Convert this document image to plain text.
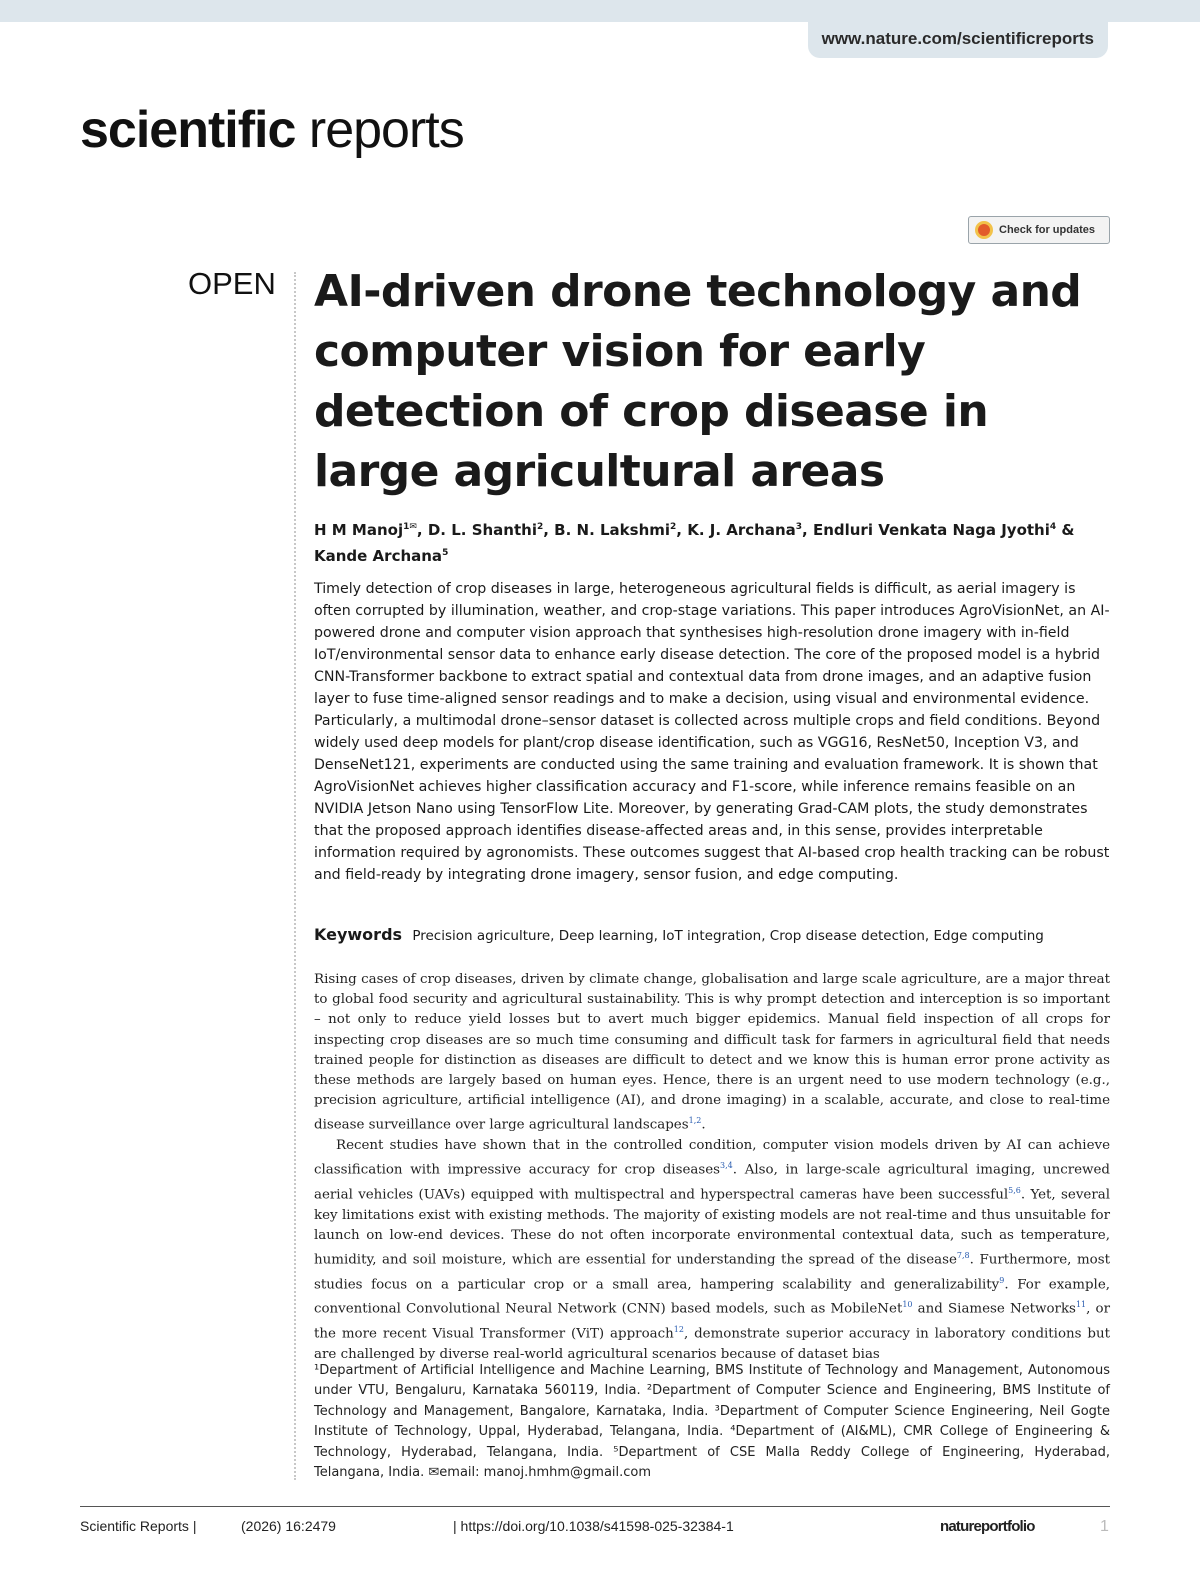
www.nature.com/scientificreports
scientific reports
Check for updates
OPEN AI-driven drone technology and computer vision for early detection of crop disease in large agricultural areas
H M Manoj$^{1✉}$, D. L. Shanthi$^2$, B. N. Lakshmi$^2$, K. J. Archana$^3$, Endluri Venkata Naga Jyothi$^4$ & Kande Archana$^5$
Timely detection of crop diseases in large, heterogeneous agricultural fields is difficult, as aerial imagery is often corrupted by illumination, weather, and crop-stage variations. This paper introduces AgroVisionNet, an AI-powered drone and computer vision approach that synthesises high-resolution drone imagery with in-field IoT/environmental sensor data to enhance early disease detection. The core of the proposed model is a hybrid CNN-Transformer backbone to extract spatial and contextual data from drone images, and an adaptive fusion layer to fuse time-aligned sensor readings and to make a decision, using visual and environmental evidence. Particularly, a multimodal drone–sensor dataset is collected across multiple crops and field conditions. Beyond widely used deep models for plant/crop disease identification, such as VGG16, ResNet50, Inception V3, and DenseNet121, experiments are conducted using the same training and evaluation framework. It is shown that AgroVisionNet achieves higher classification accuracy and F1-score, while inference remains feasible on an NVIDIA Jetson Nano using TensorFlow Lite. Moreover, by generating Grad-CAM plots, the study demonstrates that the proposed approach identifies disease-affected areas and, in this sense, provides interpretable information required by agronomists. These outcomes suggest that AI-based crop health tracking can be robust and field-ready by integrating drone imagery, sensor fusion, and edge computing.
Keywords Precision agriculture, Deep learning, IoT integration, Crop disease detection, Edge computing

Rising cases of crop diseases, driven by climate change, globalisation and large scale agriculture, are a major threat to global food security and agricultural sustainability. This is why prompt detection and interception is so important – not only to reduce yield losses but to avert much bigger epidemics. Manual field inspection of all crops for inspecting crop diseases are so much time consuming and difficult task for farmers in agricultural field that needs trained people for distinction as diseases are difficult to detect and we know this is human error prone activity as these methods are largely based on human eyes. Hence, there is an urgent need to use modern technology (e.g., precision agriculture, artificial intelligence (AI), and drone imaging) in a scalable, accurate, and close to real-time disease surveillance over large agricultural landscapes$^{1,2}$.

Recent studies have shown that in the controlled condition, computer vision models driven by AI can achieve classification with impressive accuracy for crop diseases$^{3,4}$. Also, in large-scale agricultural imaging, uncrewed aerial vehicles (UAVs) equipped with multispectral and hyperspectral cameras have been successful$^{5,6}$. Yet, several key limitations exist with existing methods. The majority of existing models are not real-time and thus unsuitable for launch on low-end devices. These do not often incorporate environmental contextual data, such as temperature, humidity, and soil moisture, which are essential for understanding the spread of the disease$^{7,8}$. Furthermore, most studies focus on a particular crop or a small area, hampering scalability and generalizability$^9$. For example, conventional Convolutional Neural Network (CNN) based models, such as MobileNet$^{10}$ and Siamese Networks$^{11}$, or the more recent Visual Transformer (ViT) approach$^{12}$, demonstrate superior accuracy in laboratory conditions but are challenged by diverse real-world agricultural scenarios because of dataset bias

¹Department of Artificial Intelligence and Machine Learning, BMS Institute of Technology and Management, Autonomous under VTU, Bengaluru, Karnataka 560119, India. ²Department of Computer Science and Engineering, BMS Institute of Technology and Management, Bangalore, Karnataka, India. ³Department of Computer Science Engineering, Neil Gogte Institute of Technology, Uppal, Hyderabad, Telangana, India. ⁴Department of (AI&ML), CMR College of Engineering & Technology, Hyderabad, Telangana, India. ⁵Department of CSE Malla Reddy College of Engineering, Hyderabad, Telangana, India. ✉email: manoj.hmhm@gmail.com
Scientific Reports |	(2026) 16:2479	| https://doi.org/10.1038/s41598-025-32384-1	natureportfolio	1
